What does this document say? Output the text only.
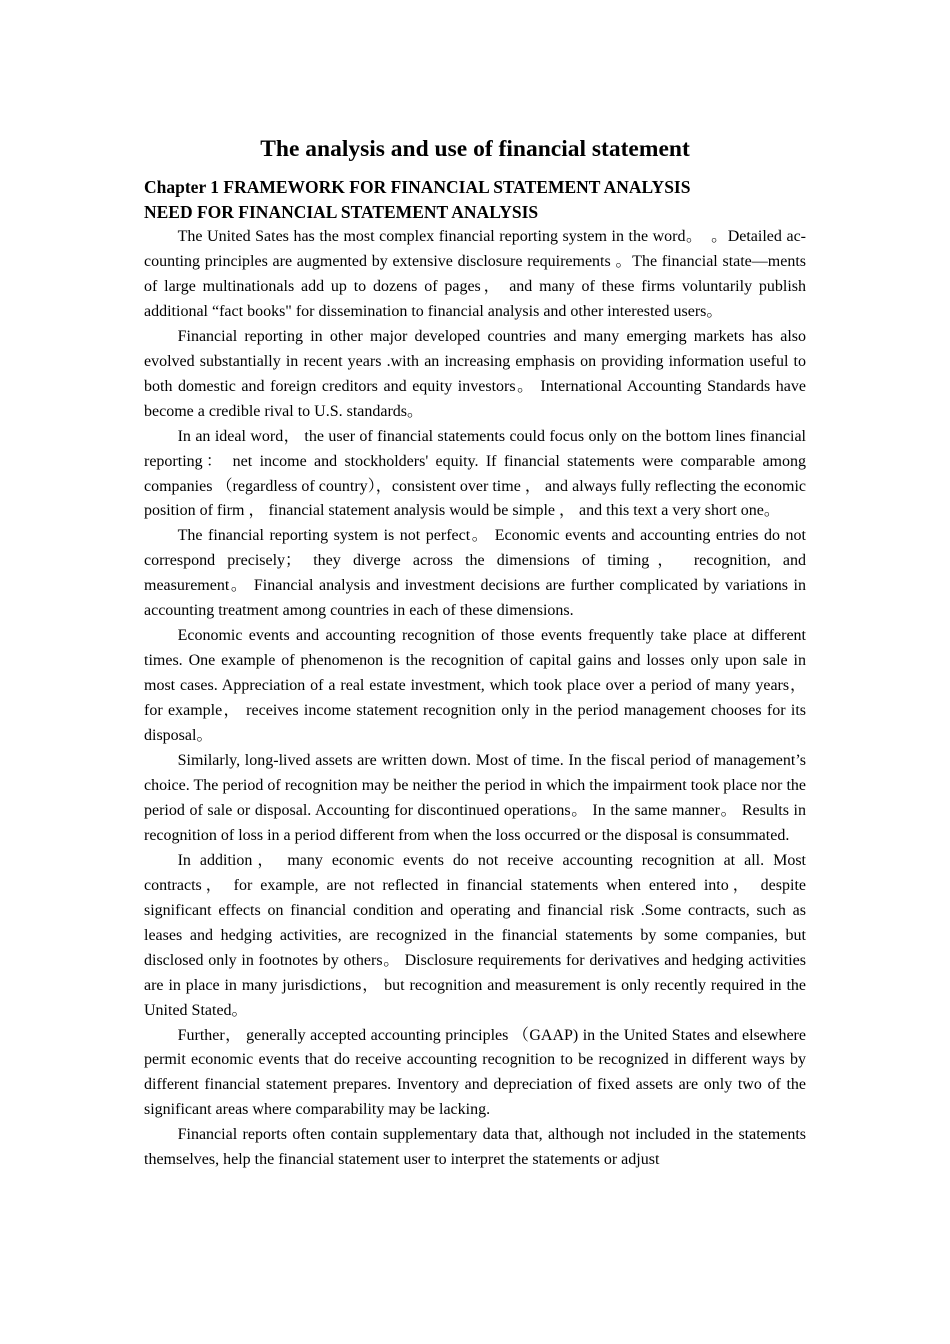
The analysis and use of financial statement
Chapter 1 FRAMEWORK FOR FINANCIAL STATEMENT ANALYSIS
NEED FOR FINANCIAL STATEMENT ANALYSIS

The United Sates has the most complex financial reporting system in the word。　。Detailed ac-counting principles are augmented by extensive disclosure requirements 。The financial state—ments of large multinationals add up to dozens of pages， and many of these firms voluntarily publish additional “fact books" for dissemination to financial analysis and other interested users。

Financial reporting in other major developed countries and many emerging markets has also evolved substantially in recent years .with an increasing emphasis on providing information useful to both domestic and foreign creditors and equity investors。 International Accounting Standards have become a credible rival to U.S. standards。

In an ideal word， the user of financial statements could focus only on the bottom lines financial reporting： net income and stockholders' equity. If financial statements were comparable among companies （regardless of country），consistent over time ， and always fully reflecting the economic position of firm ， financial statement analysis would be simple ， and this text a very short one。

The financial reporting system is not perfect。 Economic events and accounting entries do not correspond precisely； they diverge across the dimensions of timing， recognition, and measurement。 Financial analysis and investment decisions are further complicated by variations in accounting treatment among countries in each of these dimensions.

Economic events and accounting recognition of those events frequently take place at different times. One example of phenomenon is the recognition of capital gains and losses only upon sale in most cases. Appreciation of a real estate investment, which took place over a period of many years， for example， receives income statement recognition only in the period management chooses for its disposal。

Similarly, long-lived assets are written down. Most of time. In the fiscal period of management’s choice. The period of recognition may be neither the period in which the impairment took place nor the period of sale or disposal. Accounting for discontinued operations。 In the same manner。 Results in recognition of loss in a period different from when the loss occurred or the disposal is consummated.

In addition， many economic events do not receive accounting recognition at all. Most contracts， for example, are not reflected in financial statements when entered into， despite significant effects on financial condition and operating and financial risk .Some contracts, such as leases and hedging activities, are recognized in the financial statements by some companies, but disclosed only in footnotes by others。 Disclosure requirements for derivatives and hedging activities are in place in many jurisdictions， but recognition and measurement is only recently required in the United Stated。

Further， generally accepted accounting principles （GAAP) in the United States and elsewhere permit economic events that do receive accounting recognition to be recognized in different ways by different financial statement prepares. Inventory and depreciation of fixed assets are only two of the significant areas where comparability may be lacking.

Financial reports often contain supplementary data that, although not included in the statements themselves, help the financial statement user to interpret the statements or adjust
